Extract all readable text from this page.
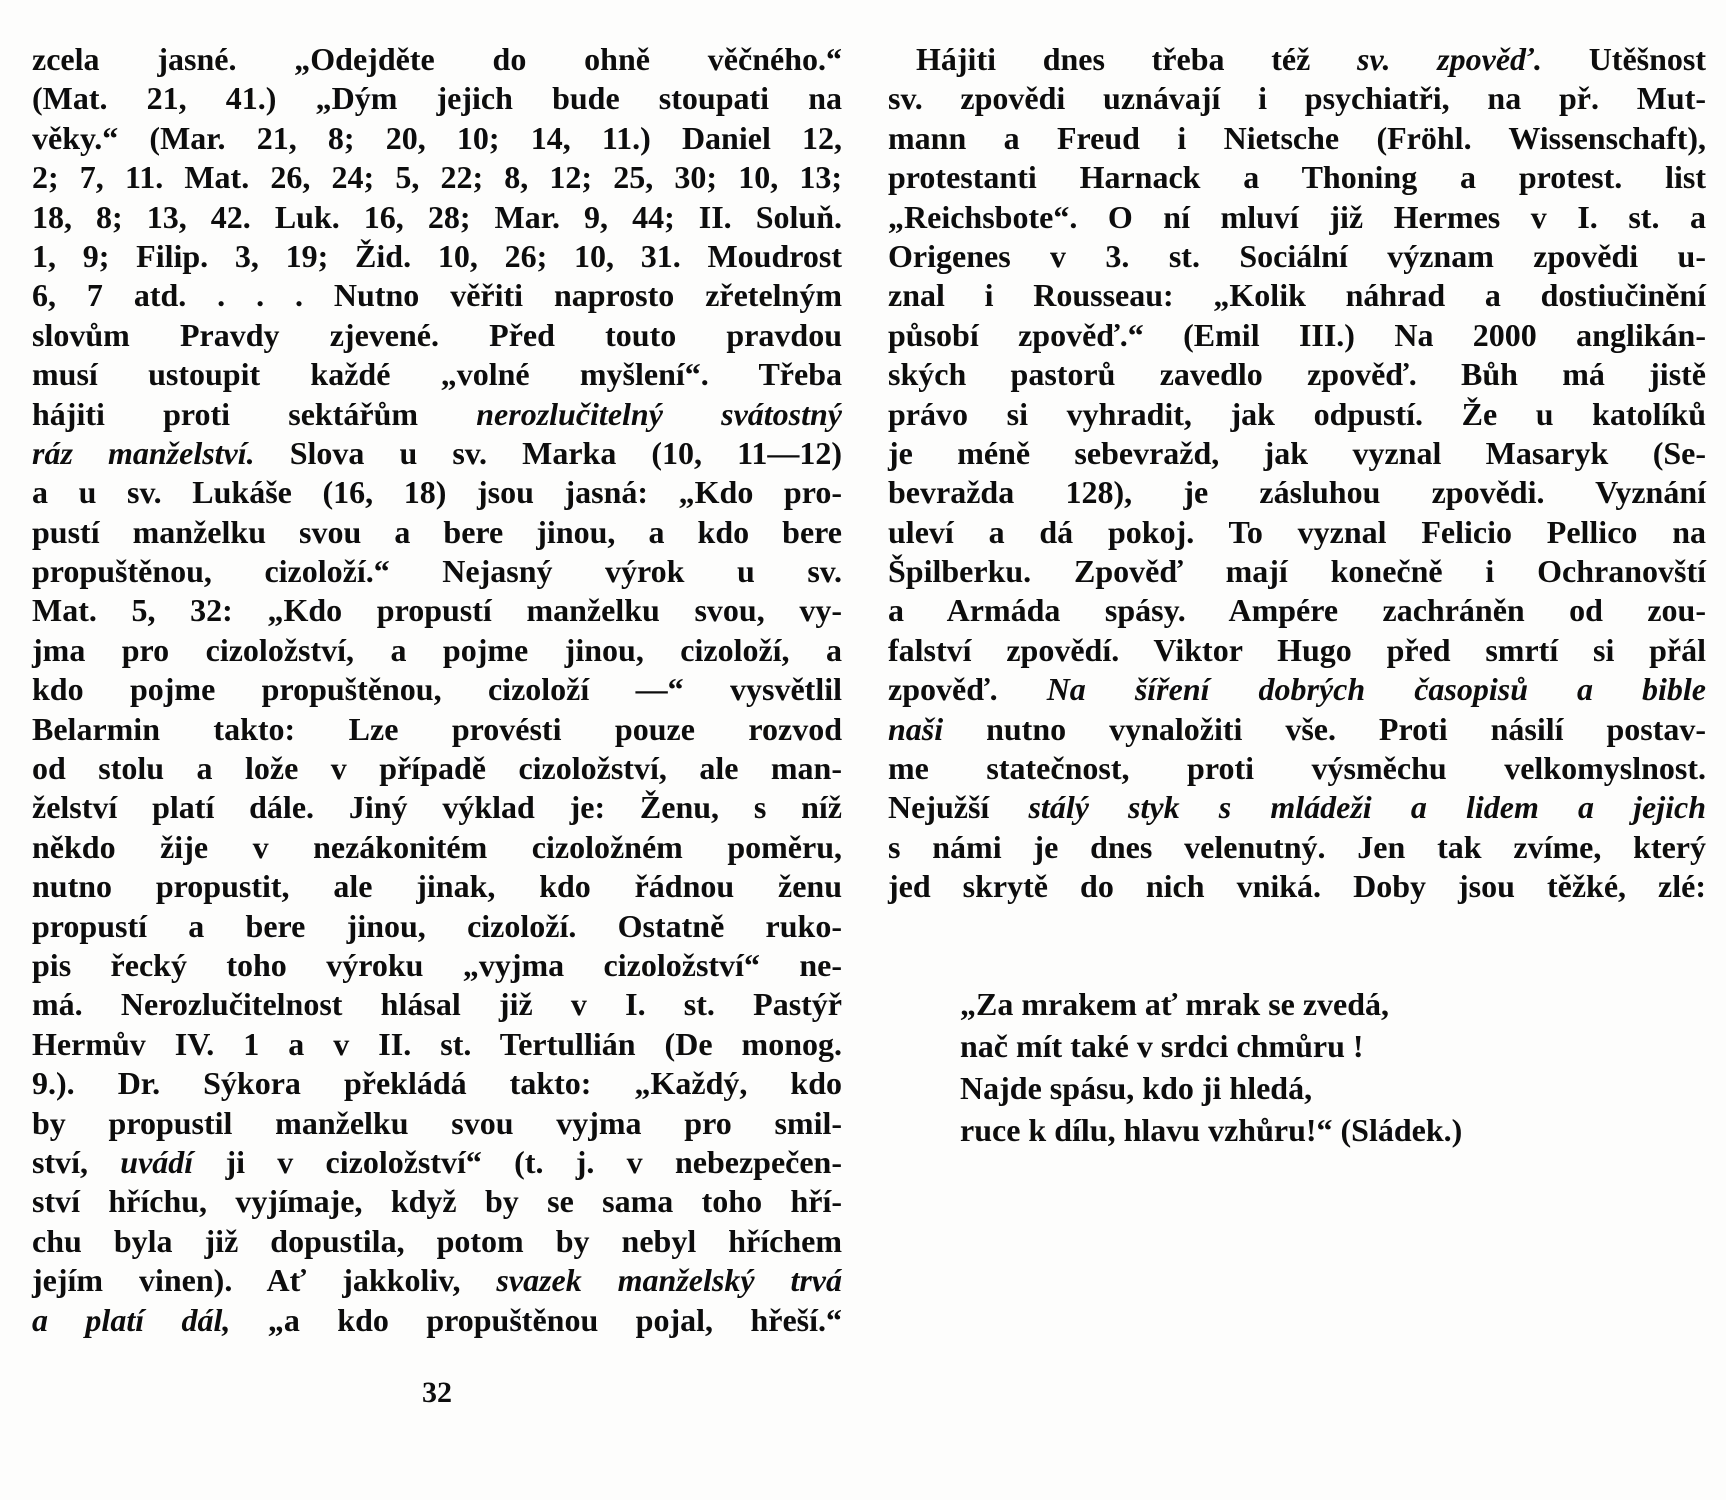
zcela jasné. „Odejděte do ohně věčného.“
(Mat. 21, 41.) „Dým jejich bude stoupati na
věky.“ (Mar. 21, 8; 20, 10; 14, 11.) Daniel 12,
2; 7, 11. Mat. 26, 24; 5, 22; 8, 12; 25, 30; 10, 13;
18, 8; 13, 42. Luk. 16, 28; Mar. 9, 44; II. Soluň.
1, 9; Filip. 3, 19; Žid. 10, 26; 10, 31. Moudrost
6, 7 atd. . . . Nutno věřiti naprosto zřetelným
slovům Pravdy zjevené. Před touto pravdou
musí ustoupit každé „volné myšlení“. Třeba
hájiti proti sektářům nerozlučitelný svátostný
ráz manželství. Slova u sv. Marka (10, 11—12)
a u sv. Lukáše (16, 18) jsou jasná: „Kdo pro-
pustí manželku svou a bere jinou, a kdo bere
propuštěnou, cizoloží.“ Nejasný výrok u sv.
Mat. 5, 32: „Kdo propustí manželku svou, vy-
jma pro cizoložství, a pojme jinou, cizoloží, a
kdo pojme propuštěnou, cizoloží —“ vysvětlil
Belarmin takto: Lze provésti pouze rozvod
od stolu a lože v případě cizoložství, ale man-
želství platí dále. Jiný výklad je: Ženu, s níž
někdo žije v nezákonitém cizoložném poměru,
nutno propustit, ale jinak, kdo řádnou ženu
propustí a bere jinou, cizoloží. Ostatně ruko-
pis řecký toho výroku „vyjma cizoložství“ ne-
má. Nerozlučitelnost hlásal již v I. st. Pastýř
Hermův IV. 1 a v II. st. Tertullián (De monog.
9.). Dr. Sýkora překládá takto: „Každý, kdo
by propustil manželku svou vyjma pro smil-
ství, uvádí ji v cizoložství“ (t. j. v nebezpečen-
ství hříchu, vyjímaje, když by se sama toho hří-
chu byla již dopustila, potom by nebyl hříchem
jejím vinen). Ať jakkoliv, svazek manželský trvá
a platí dál, „a kdo propuštěnou pojal, hřeší.“
Hájiti dnes třeba též sv. zpověď. Utěšnost
sv. zpovědi uznávají i psychiatři, na př. Mut-
mann a Freud i Nietsche (Fröhl. Wissenschaft),
protestanti Harnack a Thoning a protest. list
„Reichsbote“. O ní mluví již Hermes v I. st. a
Origenes v 3. st. Sociální význam zpovědi u-
znal i Rousseau: „Kolik náhrad a dostiučinění
působí zpověď.“ (Emil III.) Na 2000 anglikán-
ských pastorů zavedlo zpověď. Bůh má jistě
právo si vyhradit, jak odpustí. Že u katolíků
je méně sebevražd, jak vyznal Masaryk (Se-
bevražda 128), je zásluhou zpovědi. Vyznání
uleví a dá pokoj. To vyznal Felicio Pellico na
Špilberku. Zpověď mají konečně i Ochranovští
a Armáda spásy. Ampére zachráněn od zou-
falství zpovědí. Viktor Hugo před smrtí si přál
zpověď. Na šíření dobrých časopisů a bible
naši nutno vynaložiti vše. Proti násilí postav-
me statečnost, proti výsměchu velkomyslnost.
Nejužší stálý styk s mládeži a lidem a jejich
s námi je dnes velenutný. Jen tak zvíme, který
jed skrytě do nich vniká. Doby jsou těžké, zlé:
„Za mrakem ať mrak se zvedá,
nač mít také v srdci chmůru !
Najde spásu, kdo ji hledá,
ruce k dílu, hlavu vzhůru!“ (Sládek.)
32
